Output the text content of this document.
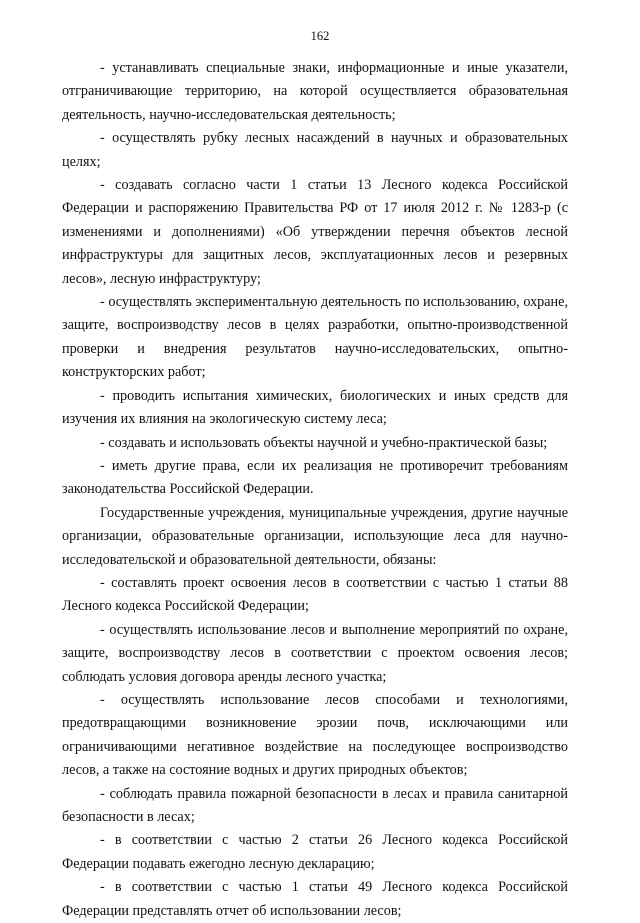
162

- устанавливать специальные знаки, информационные и иные указатели, отграничивающие территорию, на которой осуществляется образовательная деятельность, научно-исследовательская деятельность;

- осуществлять рубку лесных насаждений в научных и образовательных целях;

- создавать согласно части 1 статьи 13 Лесного кодекса Российской Федерации и распоряжению Правительства РФ от 17 июля 2012 г. № 1283-р (с изменениями и дополнениями) «Об утверждении перечня объектов лесной инфраструктуры для защитных лесов, эксплуатационных лесов и резервных лесов», лесную инфраструктуру;

- осуществлять экспериментальную деятельность по использованию, охране, защите, воспроизводству лесов в целях разработки, опытно-производственной проверки и внедрения результатов научно-исследовательских, опытно-конструкторских работ;

- проводить испытания химических, биологических и иных средств для изучения их влияния на экологическую систему леса;

- создавать и использовать объекты научной и учебно-практической базы;

- иметь другие права, если их реализация не противоречит требованиям законодательства Российской Федерации.

Государственные учреждения, муниципальные учреждения, другие научные организации, образовательные организации, использующие леса для научно-исследовательской и образовательной деятельности, обязаны:

- составлять проект освоения лесов в соответствии с частью 1 статьи 88 Лесного кодекса Российской Федерации;

- осуществлять использование лесов и выполнение мероприятий по охране, защите, воспроизводству лесов в соответствии с проектом освоения лесов; соблюдать условия договора аренды лесного участка;

- осуществлять использование лесов способами и технологиями, предотвращающими возникновение эрозии почв, исключающими или ограничивающими негативное воздействие на последующее воспроизводство лесов, а также на состояние водных и других природных объектов;

- соблюдать правила пожарной безопасности в лесах и правила санитарной безопасности в лесах;

- в соответствии с частью 2 статьи 26 Лесного кодекса Российской Федерации подавать ежегодно лесную декларацию;

- в соответствии с частью 1 статьи 49 Лесного кодекса Российской Федерации представлять отчет об использовании лесов;
